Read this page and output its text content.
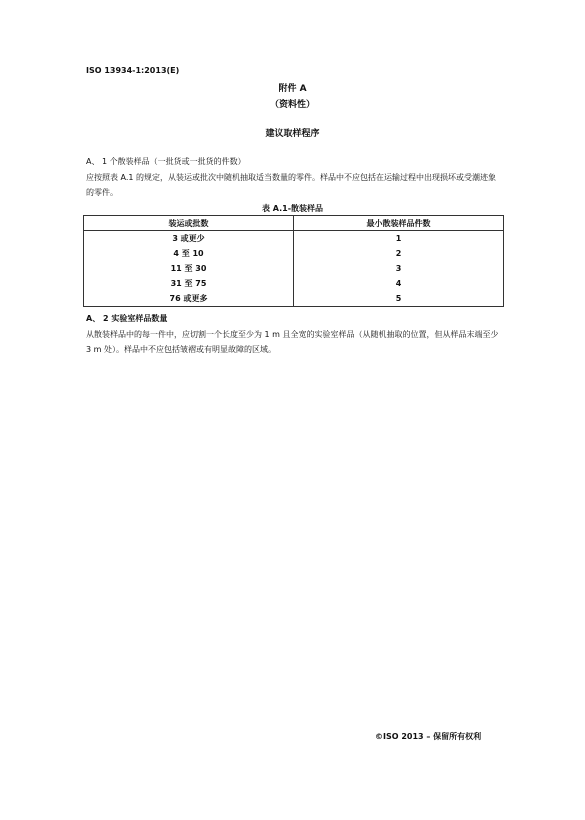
ISO 13934-1:2013(E)
附件 A
（资料性）
建议取样程序
A、 1 个散装样品（一批货或一批货的件数）
应按照表 A.1 的规定，从装运或批次中随机抽取适当数量的零件。样品中不应包括在运输过程中出现损坏或受潮迹象的零件。
表 A.1-散装样品
装运或批数	最小散装样品件数
3 或更少	1
4 至 10	2
11 至 30	3
31 至 75	4
76 或更多	5
A、 2 实验室样品数量
从散装样品中的每一件中，应切割一个长度至少为 1 m 且全宽的实验室样品（从随机抽取的位置，但从样品末端至少 3 m 处）。样品中不应包括皱褶或有明显故障的区域。
©ISO 2013 – 保留所有权利
